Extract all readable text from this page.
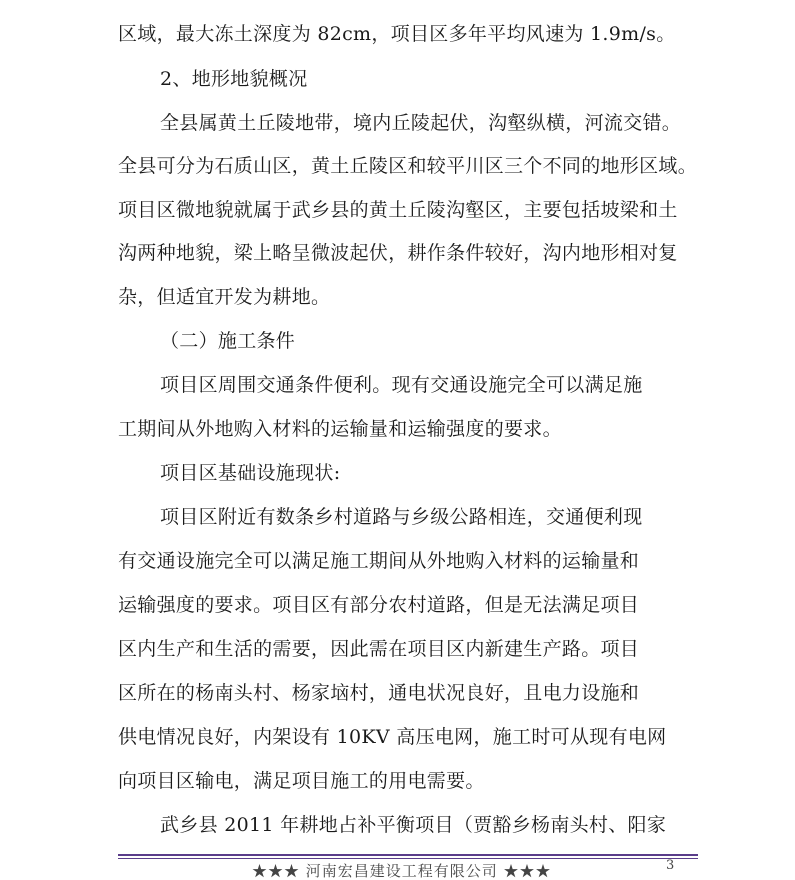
区域，最大冻土深度为 82cm，项目区多年平均风速为 1.9m/s。
2、地形地貌概况
全县属黄土丘陵地带，境内丘陵起伏，沟壑纵横，河流交错。
全县可分为石质山区，黄土丘陵区和较平川区三个不同的地形区域。
项目区微地貌就属于武乡县的黄土丘陵沟壑区，主要包括坡梁和土
沟两种地貌，梁上略呈微波起伏，耕作条件较好，沟内地形相对复
杂，但适宜开发为耕地。
（二）施工条件
项目区周围交通条件便利。现有交通设施完全可以满足施
工期间从外地购入材料的运输量和运输强度的要求。
项目区基础设施现状:
项目区附近有数条乡村道路与乡级公路相连，交通便利现
有交通设施完全可以满足施工期间从外地购入材料的运输量和
运输强度的要求。项目区有部分农村道路，但是无法满足项目
区内生产和生活的需要，因此需在项目区内新建生产路。项目
区所在的杨南头村、杨家垴村，通电状况良好，且电力设施和
供电情况良好，内架设有 10KV 高压电网，施工时可从现有电网
向项目区输电，满足项目施工的用电需要。
武乡县 2011 年耕地占补平衡项目（贾豁乡杨南头村、阳家
★★★ 河南宏昌建设工程有限公司 ★★★	3
